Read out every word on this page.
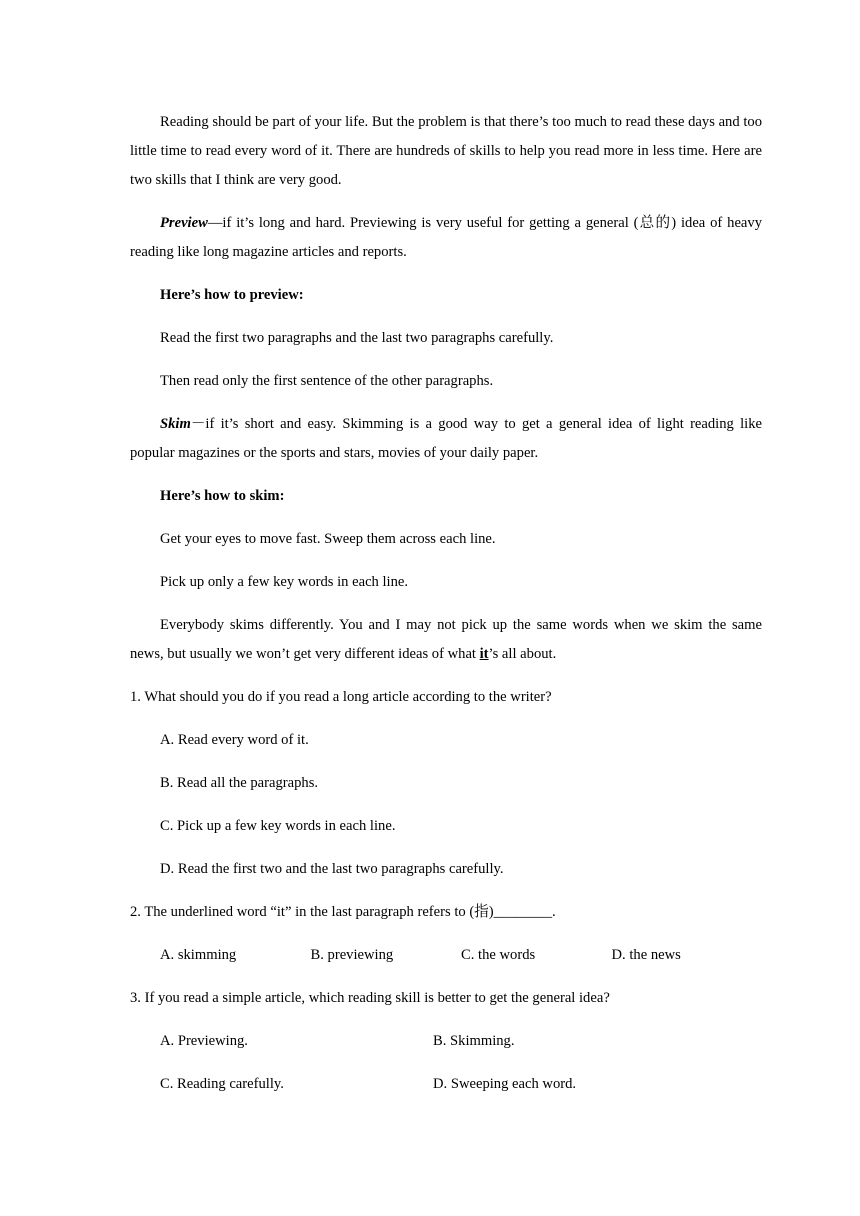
Reading should be part of your life. But the problem is that there’s too much to read these days and too little time to read every word of it. There are hundreds of skills to help you read more in less time. Here are two skills that I think are very good.

Preview—if it’s long and hard. Previewing is very useful for getting a general (总的) idea of heavy reading like long magazine articles and reports.

Here’s how to preview:

Read the first two paragraphs and the last two paragraphs carefully.

Then read only the first sentence of the other paragraphs.

Skim－if it’s short and easy. Skimming is a good way to get a general idea of light reading like popular magazines or the sports and stars, movies of your daily paper.

Here’s how to skim:

Get your eyes to move fast. Sweep them across each line.

Pick up only a few key words in each line.

Everybody skims differently. You and I may not pick up the same words when we skim the same news, but usually we won’t get very different ideas of what it’s all about.

1. What should you do if you read a long article according to the writer?

A. Read every word of it.

B. Read all the paragraphs.

C. Pick up a few key words in each line.

D. Read the first two and the last two paragraphs carefully.

2. The underlined word “it” in the last paragraph refers to (指)________.

A. skimming	B. previewing	C. the words	D. the news

3. If you read a simple article, which reading skill is better to get the general idea?

A. Previewing.	B. Skimming.
C. Reading carefully.	D. Sweeping each word.
